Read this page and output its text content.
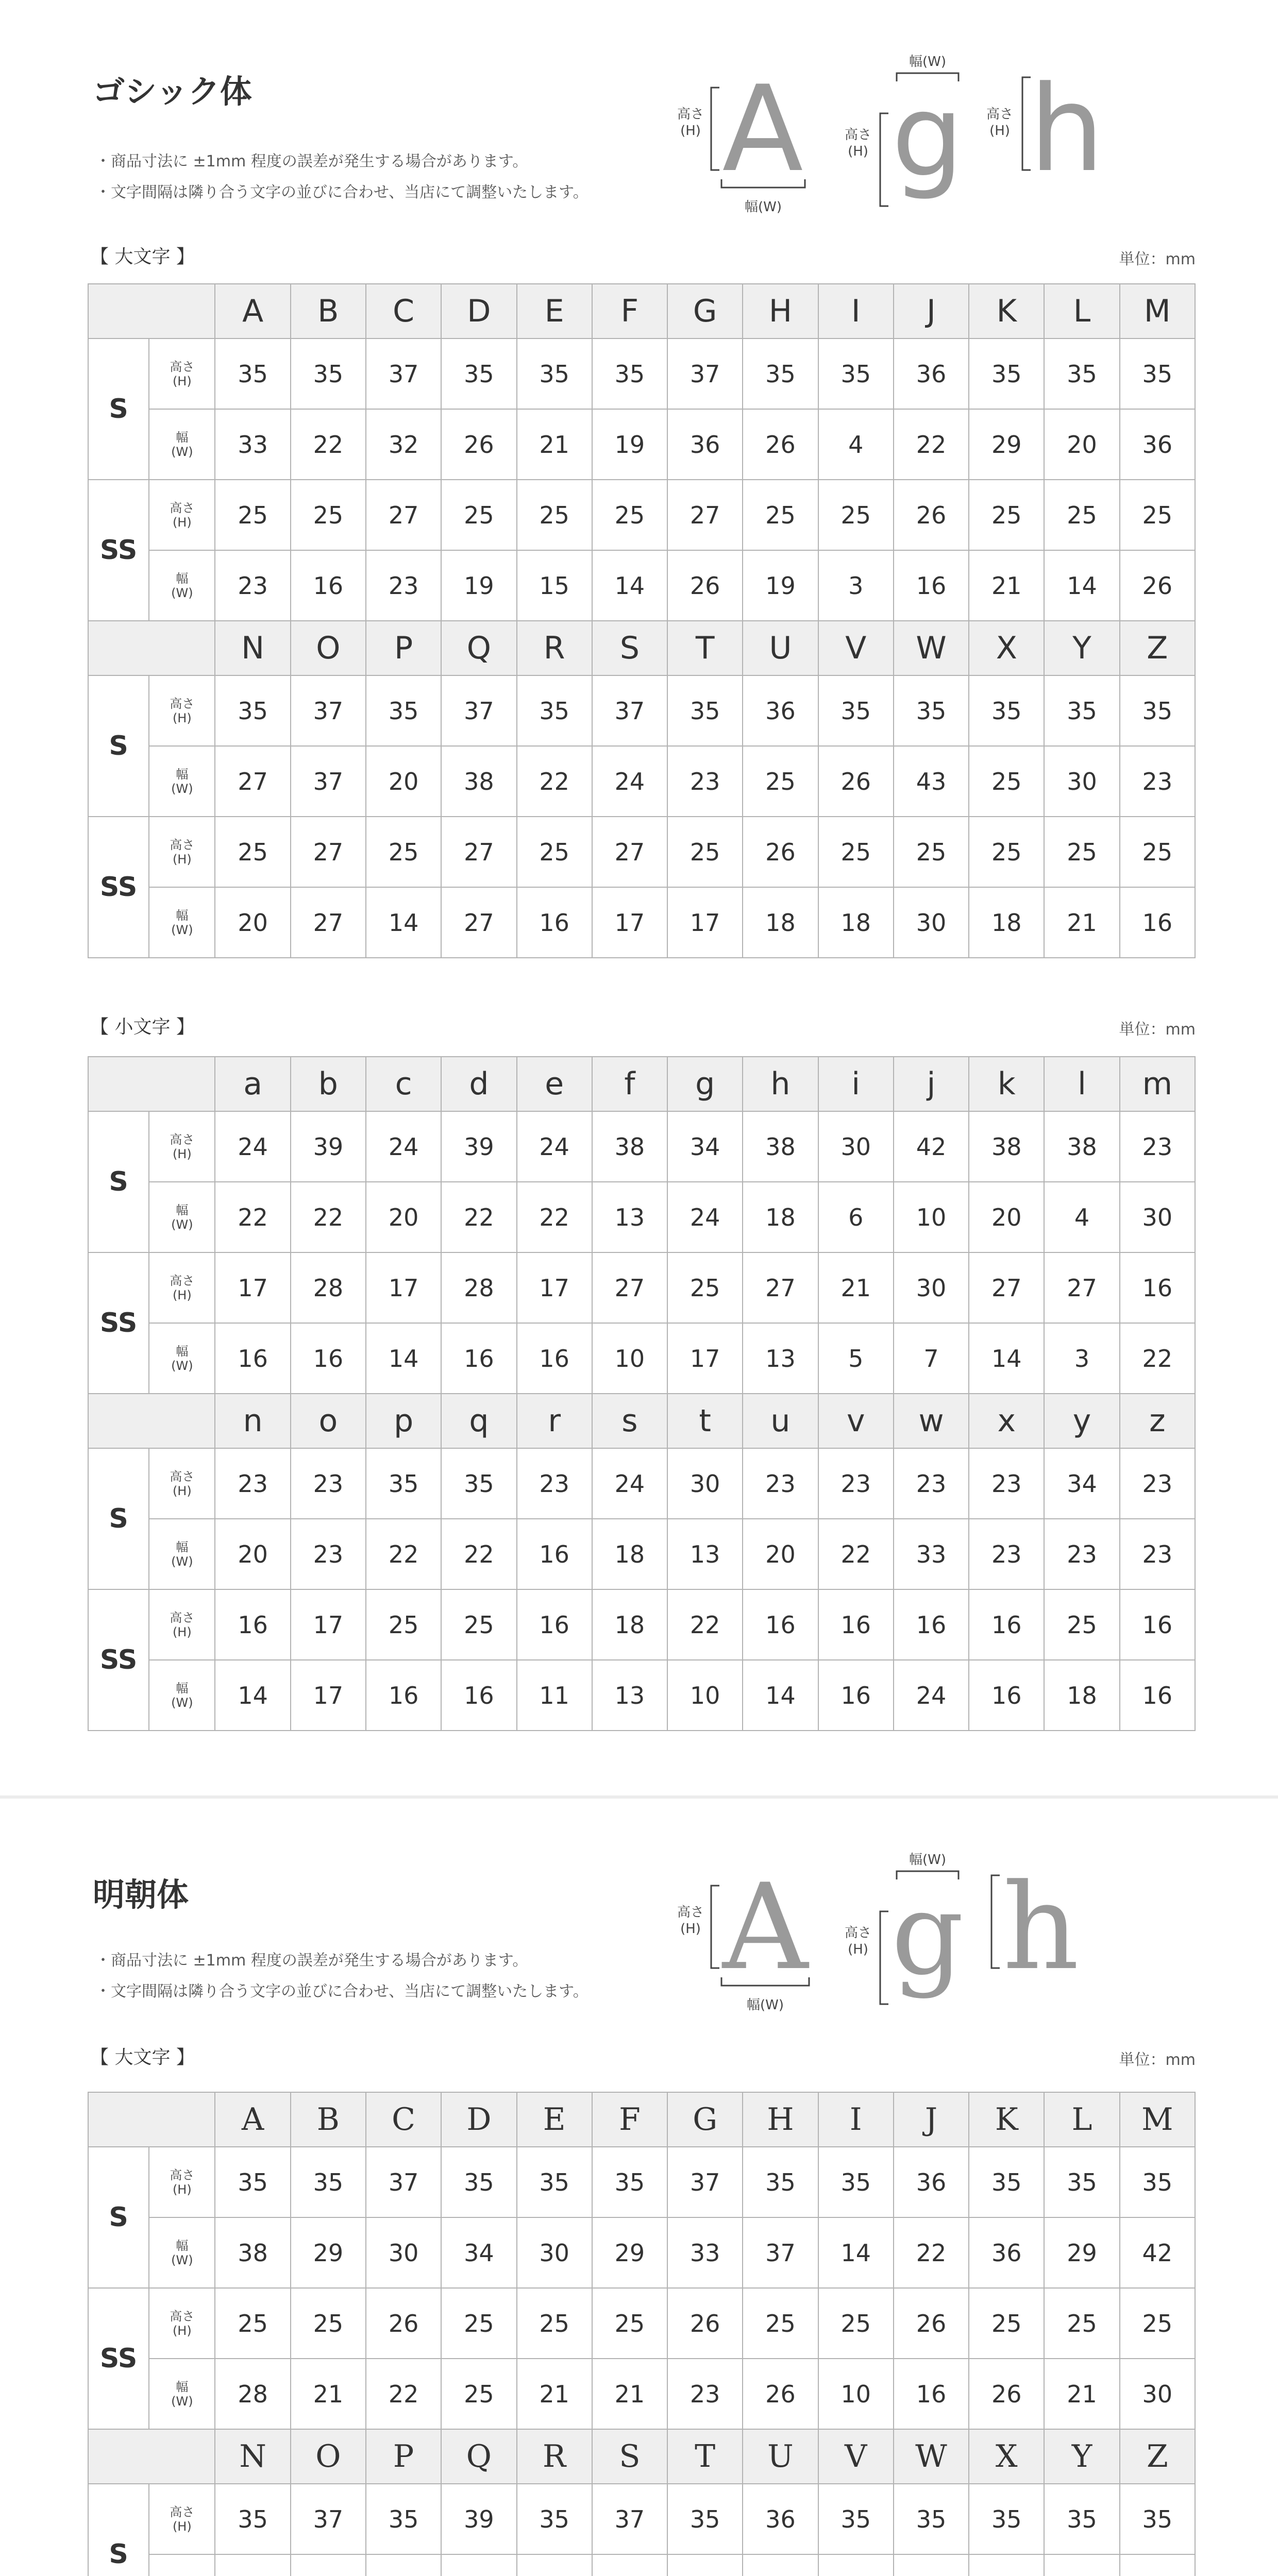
ゴシック体
・商品寸法に ±1mm 程度の誤差が発生する場合があります。
・文字間隔は隣り合う文字の並びに合わせ、当店にて調整いたします。
高さ
(H) A
幅(W)
高さ
(H) g
幅(W)
高さ
(H) h
【 大文字 】	単位：mm
		A	B	C	D	E	F	G	H	I	J	K	L	M
S	高さ
(H)	35	35	37	35	35	35	37	35	35	36	35	35	35

	幅
(W)	33	22	32	26	21	19	36	26	4	22	29	20	36
SS	高さ
(H)	25	25	27	25	25	25	27	25	25	26	25	25	25

	幅
(W)	23	16	23	19	15	14	26	19	3	16	21	14	26
		N	O	P	Q	R	S	T	U	V	W	X	Y	Z
S	高さ
(H)	35	37	35	37	35	37	35	36	35	35	35	35	35

	幅
(W)	27	37	20	38	22	24	23	25	26	43	25	30	23
SS	高さ
(H)	25	27	25	27	25	27	25	26	25	25	25	25	25

	幅
(W)	20	27	14	27	16	17	17	18	18	30	18	21	16
【 小文字 】	単位：mm
		a	b	c	d	e	f	g	h	i	j	k	l	m
S	高さ
(H)	24	39	24	39	24	38	34	38	30	42	38	38	23

	幅
(W)	22	22	20	22	22	13	24	18	6	10	20	4	30
SS	高さ
(H)	17	28	17	28	17	27	25	27	21	30	27	27	16

	幅
(W)	16	16	14	16	16	10	17	13	5	7	14	3	22
		n	o	p	q	r	s	t	u	v	w	x	y	z
S	高さ
(H)	23	23	35	35	23	24	30	23	23	23	23	34	23

	幅
(W)	20	23	22	22	16	18	13	20	22	33	23	23	23
SS	高さ
(H)	16	17	25	25	16	18	22	16	16	16	16	25	16

	幅
(W)	14	17	16	16	11	13	10	14	16	24	16	18	16
明朝体
・商品寸法に ±1mm 程度の誤差が発生する場合があります。
・文字間隔は隣り合う文字の並びに合わせ、当店にて調整いたします。
高さ
(H) A
幅(W)
高さ
(H) g
幅(W) h
【 大文字 】	単位：mm
		A	B	C	D	E	F	G	H	I	J	K	L	M
S	高さ
(H)	35	35	37	35	35	35	37	35	35	36	35	35	35

	幅
(W)	38	29	30	34	30	29	33	37	14	22	36	29	42
SS	高さ
(H)	25	25	26	25	25	25	26	25	25	26	25	25	25

	幅
(W)	28	21	22	25	21	21	23	26	10	16	26	21	30
		N	O	P	Q	R	S	T	U	V	W	X	Y	Z
S	高さ
(H)	35	37	35	39	35	37	35	36	35	35	35	35	35
